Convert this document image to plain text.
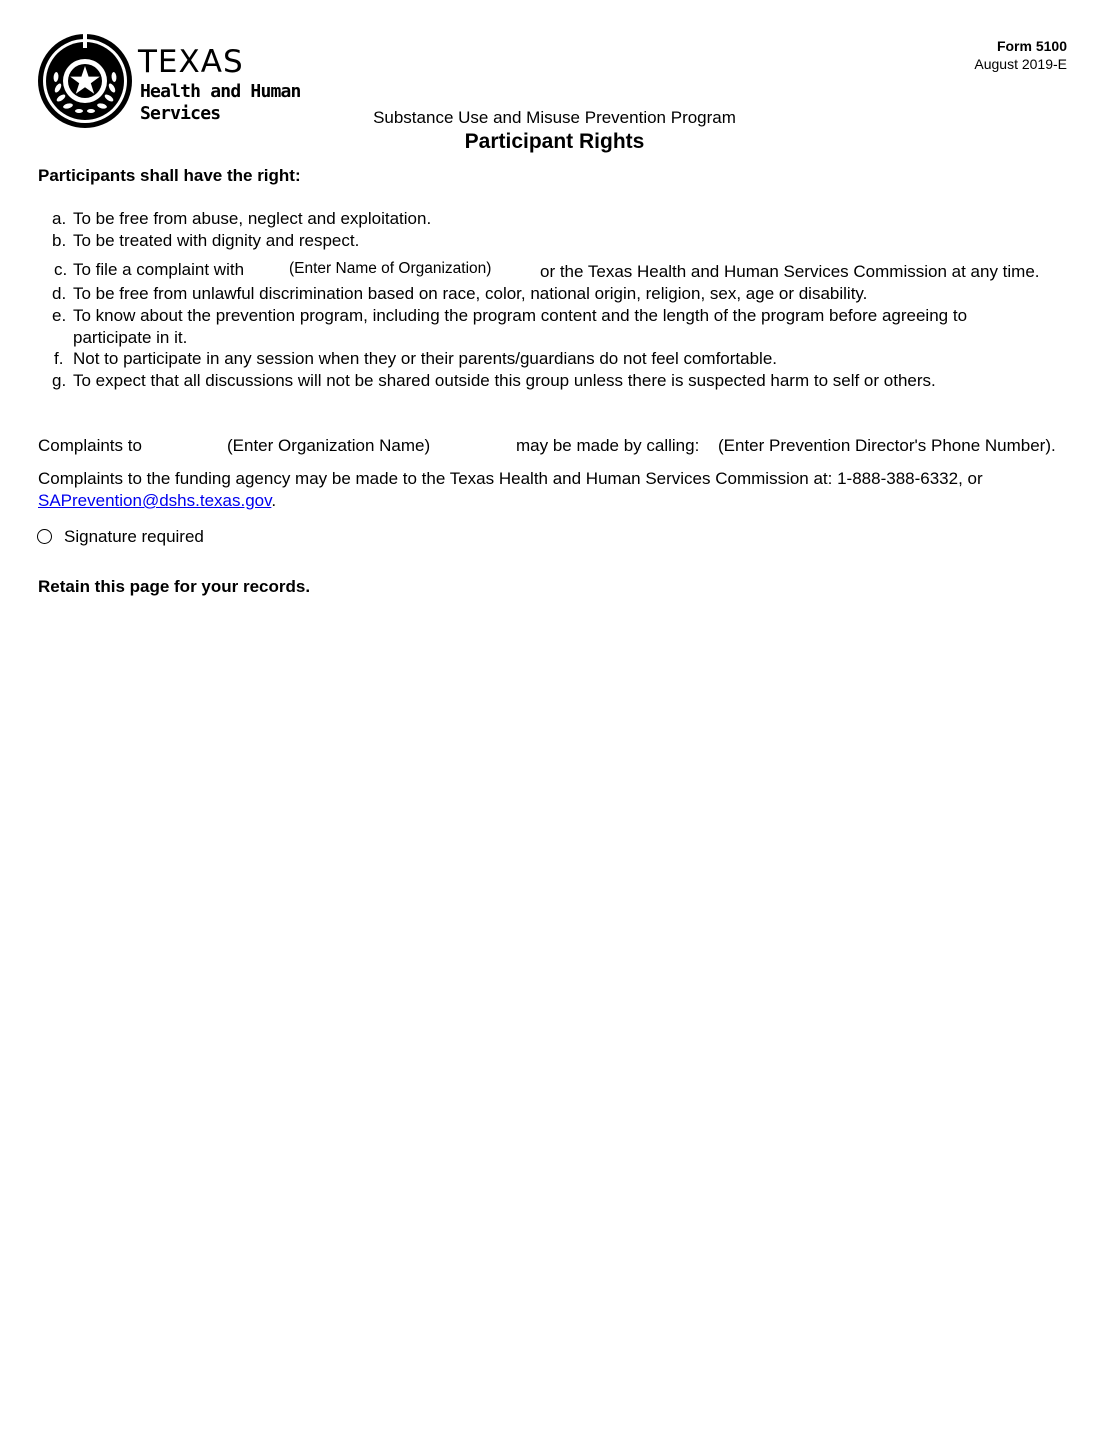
TEXAS
Health and Human
Services
Form 5100
August 2019-E
Substance Use and Misuse Prevention Program
Participant Rights
Participants shall have the right:
a. To be free from abuse, neglect and exploitation.
b. To be treated with dignity and respect.
c. To file a complaint with	(Enter Name of Organization)	or the Texas Health and Human Services Commission at any time.
d. To be free from unlawful discrimination based on race, color, national origin, religion, sex, age or disability.
e. To know about the prevention program, including the program content and the length of the program before agreeing to
participate in it.
f. Not to participate in any session when they or their parents/guardians do not feel comfortable.
g. To expect that all discussions will not be shared outside this group unless there is suspected harm to self or others.
Complaints to	(Enter Organization Name)	may be made by calling: (Enter Prevention Director's Phone Number).
Complaints to the funding agency may be made to the Texas Health and Human Services Commission at: 1-888-388-6332, or
SAPrevention@dshs.texas.gov.
Signature required
Retain this page for your records.
